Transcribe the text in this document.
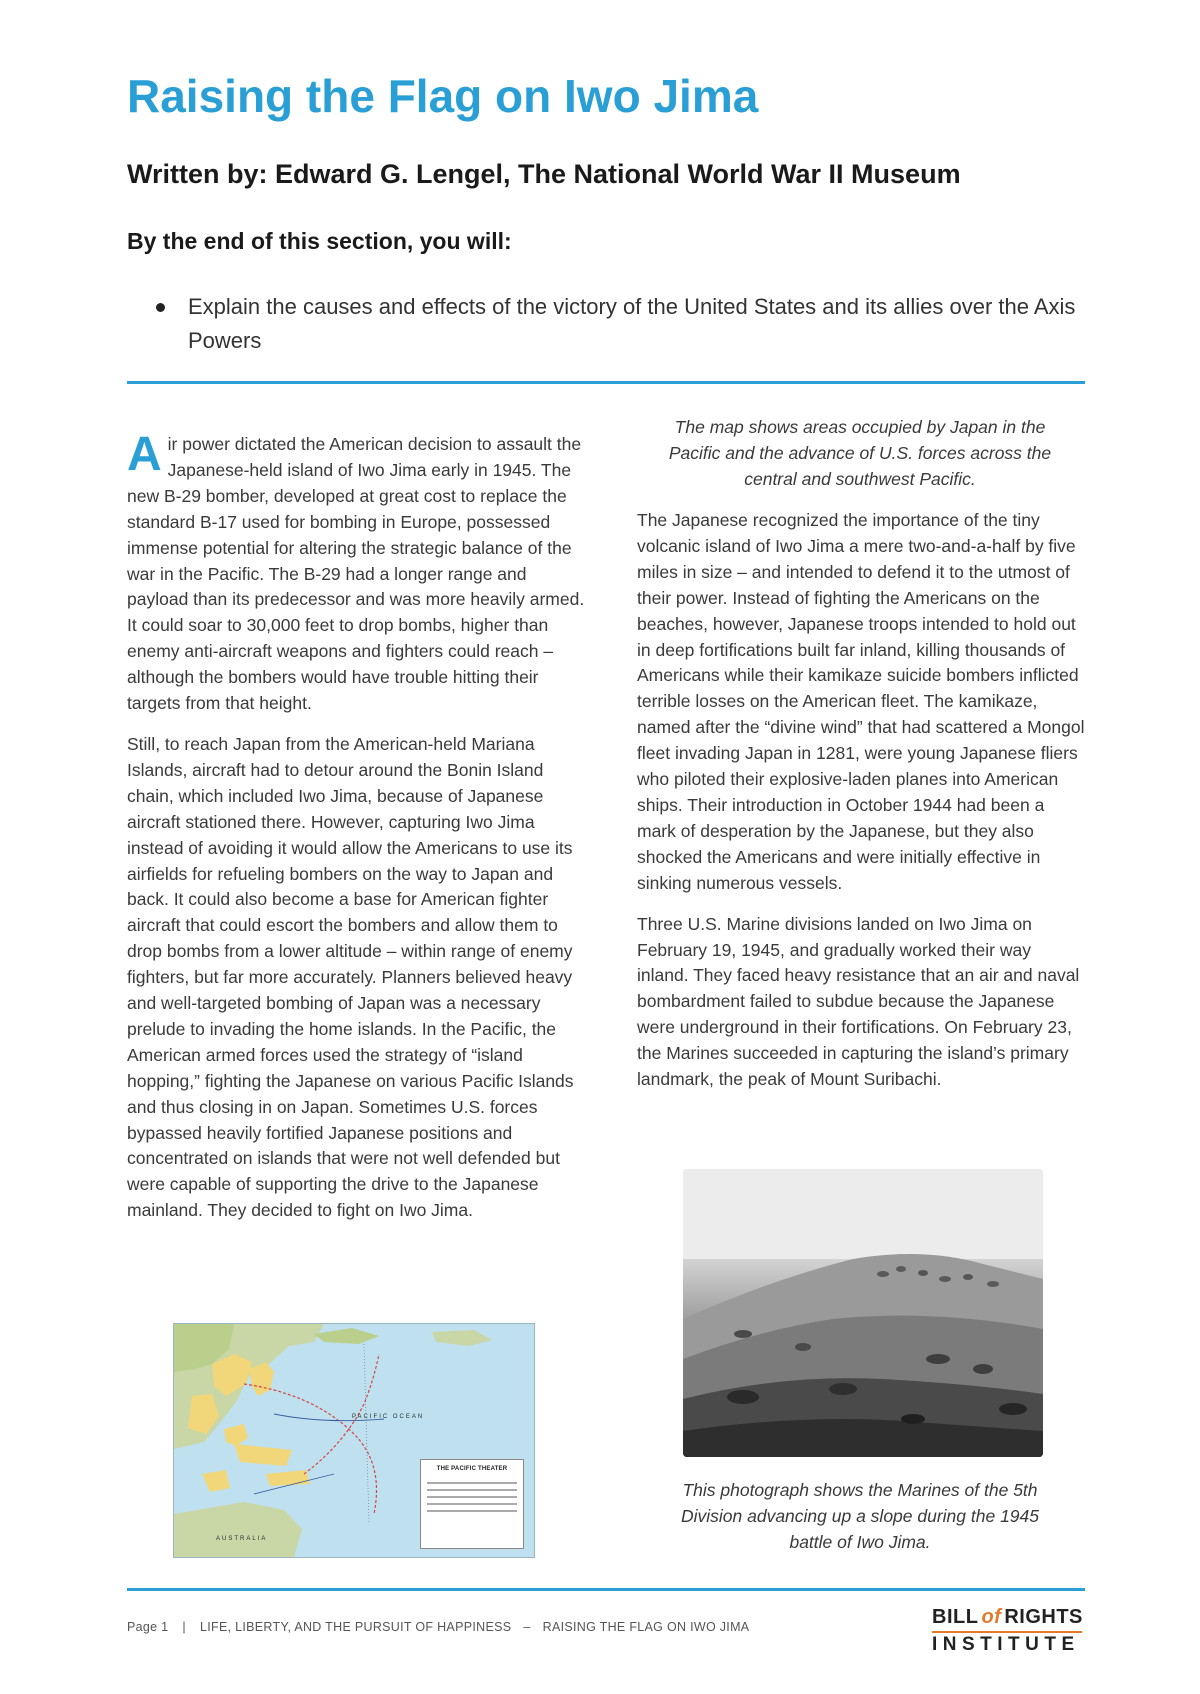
Raising the Flag on Iwo Jima
Written by: Edward G. Lengel, The National World War II Museum
By the end of this section, you will:
Explain the causes and effects of the victory of the United States and its allies over the Axis Powers

Air power dictated the American decision to assault the Japanese-held island of Iwo Jima early in 1945. The new B-29 bomber, developed at great cost to replace the standard B-17 used for bombing in Europe, possessed immense potential for altering the strategic balance of the war in the Pacific. The B-29 had a longer range and payload than its predecessor and was more heavily armed. It could soar to 30,000 feet to drop bombs, higher than enemy anti-aircraft weapons and fighters could reach – although the bombers would have trouble hitting their targets from that height.

Still, to reach Japan from the American-held Mariana Islands, aircraft had to detour around the Bonin Island chain, which included Iwo Jima, because of Japanese aircraft stationed there. However, capturing Iwo Jima instead of avoiding it would allow the Americans to use its airfields for refueling bombers on the way to Japan and back. It could also become a base for American fighter aircraft that could escort the bombers and allow them to drop bombs from a lower altitude – within range of enemy fighters, but far more accurately. Planners believed heavy and well-targeted bombing of Japan was a necessary prelude to invading the home islands. In the Pacific, the American armed forces used the strategy of “island hopping,” fighting the Japanese on various Pacific Islands and thus closing in on Japan. Sometimes U.S. forces bypassed heavily fortified Japanese positions and concentrated on islands that were not well defended but were capable of supporting the drive to the Japanese mainland. They decided to fight on Iwo Jima.

The map shows areas occupied by Japan in the Pacific and the advance of U.S. forces across the central and southwest Pacific.

The Japanese recognized the importance of the tiny volcanic island of Iwo Jima a mere two-and-a-half by five miles in size – and intended to defend it to the utmost of their power. Instead of fighting the Americans on the beaches, however, Japanese troops intended to hold out in deep fortifications built far inland, killing thousands of Americans while their kamikaze suicide bombers inflicted terrible losses on the American fleet. The kamikaze, named after the “divine wind” that had scattered a Mongol fleet invading Japan in 1281, were young Japanese fliers who piloted their explosive-laden planes into American ships. Their introduction in October 1944 had been a mark of desperation by the Japanese, but they also shocked the Americans and were initially effective in sinking numerous vessels.

Three U.S. Marine divisions landed on Iwo Jima on February 19, 1945, and gradually worked their way inland. They faced heavy resistance that an air and naval bombardment failed to subdue because the Japanese were underground in their fortifications. On February 23, the Marines succeeded in capturing the island’s primary landmark, the peak of Mount Suribachi.

PACIFIC OCEAN
AUSTRALIA
THE PACIFIC THEATER
This photograph shows the Marines of the 5th Division advancing up a slope during the 1945 battle of Iwo Jima.
Page 1 | LIFE, LIBERTY, AND THE PURSUIT OF HAPPINESS – RAISING THE FLAG ON IWO JIMA	BILL of RIGHTS
INSTITUTE
